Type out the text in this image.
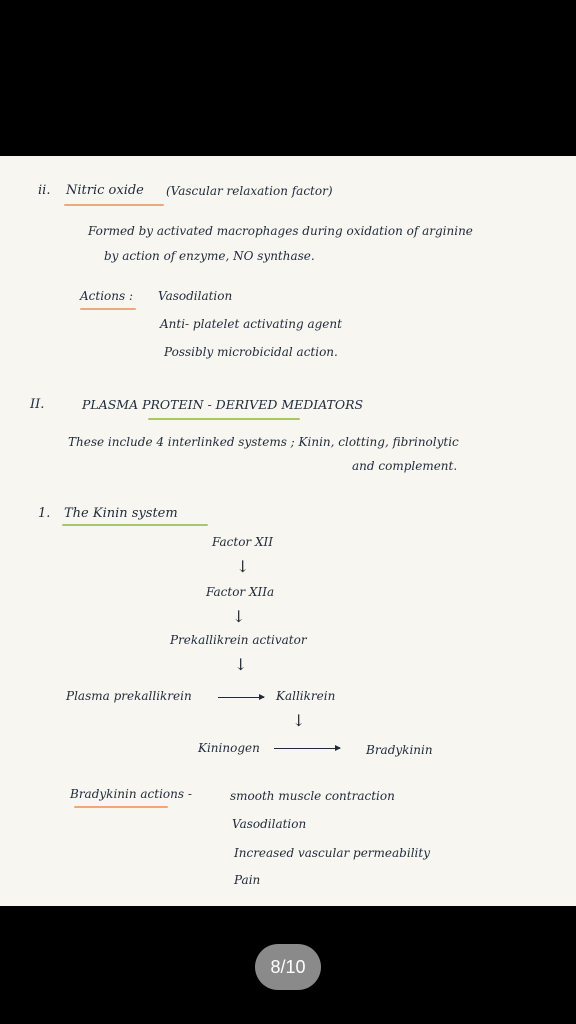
ii. Nitric oxide (Vascular relaxation factor)
Formed by activated macrophages during oxidation of arginine
by action of enzyme, NO synthase.
Actions : Vasodilation
Anti- platelet activating agent
Possibly microbicidal action.
II.	PLASMA PROTEIN - DERIVED MEDIATORS
These include 4 interlinked systems ; Kinin, clotting, fibrinolytic
and complement.
1. The Kinin system
Factor XII
↓
Factor XIIa
↓
Prekallikrein activator
↓
Plasma prekallikrein	Kallikrein
↓
Kininogen	Bradykinin
Bradykinin actions -	smooth muscle contraction
Vasodilation
Increased vascular permeability
Pain
8/10
